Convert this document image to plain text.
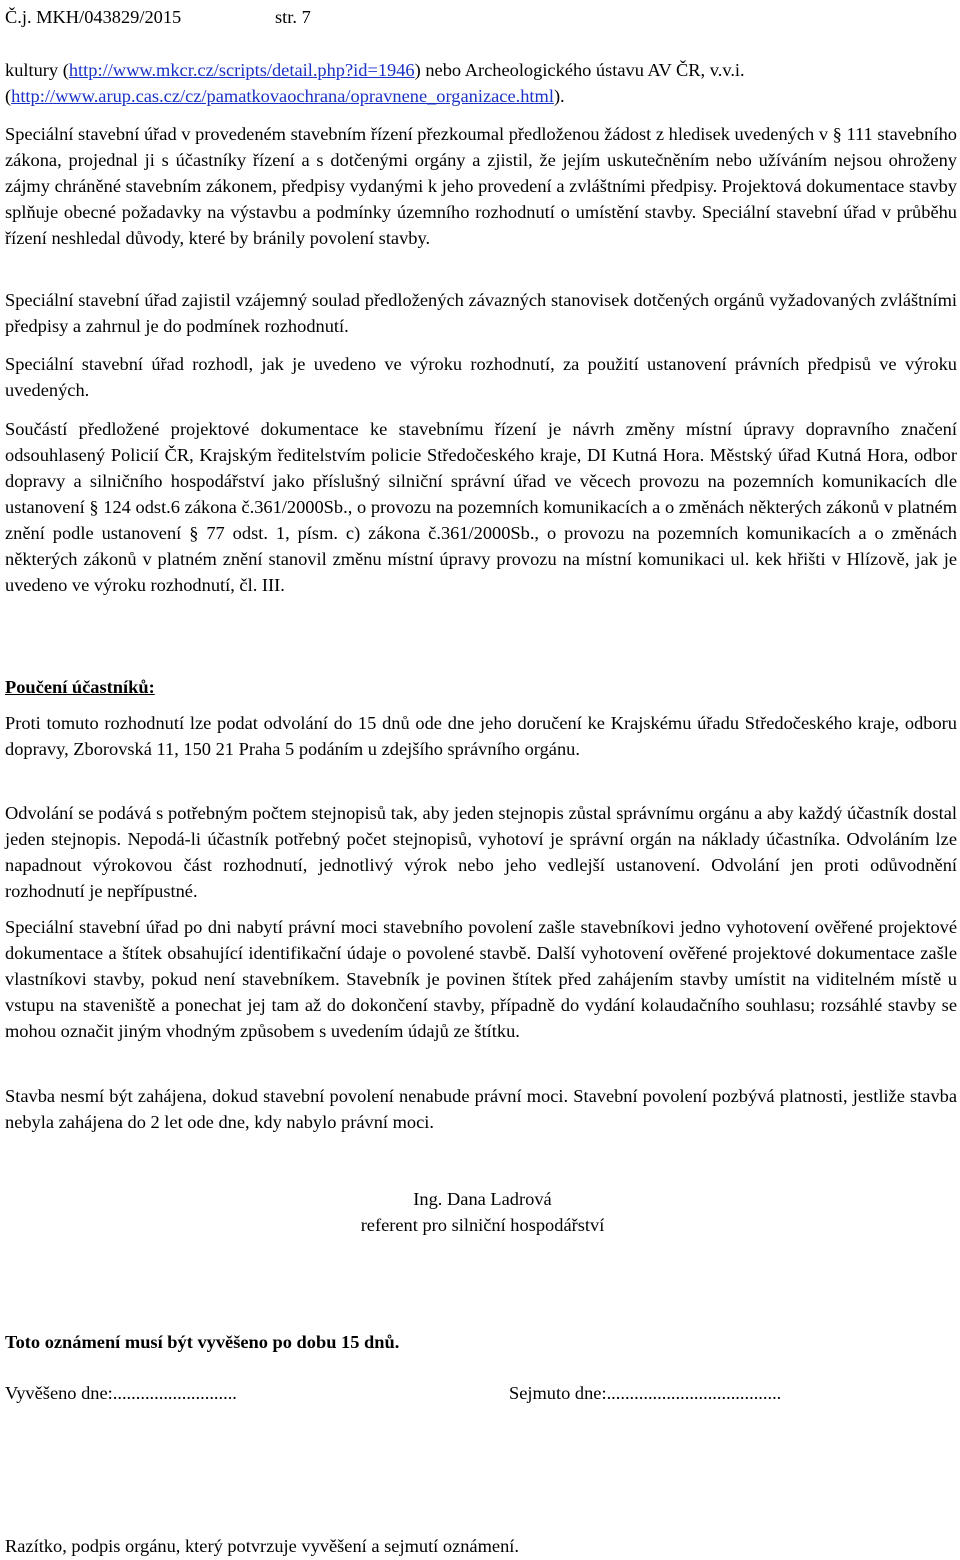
Č.j. MKH/043829/2015	str. 7

kultury (http://www.mkcr.cz/scripts/detail.php?id=1946) nebo Archeologického ústavu AV ČR, v.v.i. (http://www.arup.cas.cz/cz/pamatkovaochrana/opravnene_organizace.html).

Speciální stavební úřad v provedeném stavebním řízení přezkoumal předloženou žádost z hledisek uvedených v § 111 stavebního zákona, projednal ji s účastníky řízení a s dotčenými orgány a zjistil, že jejím uskutečněním nebo užíváním nejsou ohroženy zájmy chráněné stavebním zákonem, předpisy vydanými k jeho provedení a zvláštními předpisy. Projektová dokumentace stavby splňuje obecné požadavky na výstavbu a podmínky územního rozhodnutí o umístění stavby. Speciální stavební úřad v průběhu řízení neshledal důvody, které by bránily povolení stavby.

Speciální stavební úřad zajistil vzájemný soulad předložených závazných stanovisek dotčených orgánů vyžadovaných zvláštními předpisy a zahrnul je do podmínek rozhodnutí.

Speciální stavební úřad rozhodl, jak je uvedeno ve výroku rozhodnutí, za použití ustanovení právních předpisů ve výroku uvedených.

Součástí předložené projektové dokumentace ke stavebnímu řízení je návrh změny místní úpravy dopravního značení odsouhlasený Policií ČR, Krajským ředitelstvím policie Středočeského kraje, DI Kutná Hora. Městský úřad Kutná Hora, odbor dopravy a silničního hospodářství jako příslušný silniční správní úřad ve věcech provozu na pozemních komunikacích dle ustanovení § 124 odst.6 zákona č.361/2000Sb., o provozu na pozemních komunikacích a o změnách některých zákonů v platném znění podle ustanovení § 77 odst. 1, písm. c) zákona č.361/2000Sb., o provozu na pozemních komunikacích a o změnách některých zákonů v platném znění stanovil změnu místní úpravy provozu na místní komunikaci ul. kek hřišti v Hlízově, jak je uvedeno ve výroku rozhodnutí, čl. III.

Poučení účastníků:

Proti tomuto rozhodnutí lze podat odvolání do 15 dnů ode dne jeho doručení ke Krajskému úřadu Středočeského kraje, odboru dopravy, Zborovská 11, 150 21 Praha 5 podáním u zdejšího správního orgánu.

Odvolání se podává s potřebným počtem stejnopisů tak, aby jeden stejnopis zůstal správnímu orgánu a aby každý účastník dostal jeden stejnopis. Nepodá-li účastník potřebný počet stejnopisů, vyhotoví je správní orgán na náklady účastníka. Odvoláním lze napadnout výrokovou část rozhodnutí, jednotlivý výrok nebo jeho vedlejší ustanovení. Odvolání jen proti odůvodnění rozhodnutí je nepřípustné.

Speciální stavební úřad po dni nabytí právní moci stavebního povolení zašle stavebníkovi jedno vyhotovení ověřené projektové dokumentace a štítek obsahující identifikační údaje o povolené stavbě. Další vyhotovení ověřené projektové dokumentace zašle vlastníkovi stavby, pokud není stavebníkem. Stavebník je povinen štítek před zahájením stavby umístit na viditelném místě u vstupu na staveniště a ponechat jej tam až do dokončení stavby, případně do vydání kolaudačního souhlasu; rozsáhlé stavby se mohou označit jiným vhodným způsobem s uvedením údajů ze štítku.

Stavba nesmí být zahájena, dokud stavební povolení nenabude právní moci. Stavební povolení pozbývá platnosti, jestliže stavba nebyla zahájena do 2 let ode dne, kdy nabylo právní moci.

Ing. Dana Ladrová
referent pro silniční hospodářství

Toto oznámení musí být vyvěšeno po dobu 15 dnů.

Vyvěšeno dne:...........................	Sejmuto dne:......................................

Razítko, podpis orgánu, který potvrzuje vyvěšení a sejmutí oznámení.
